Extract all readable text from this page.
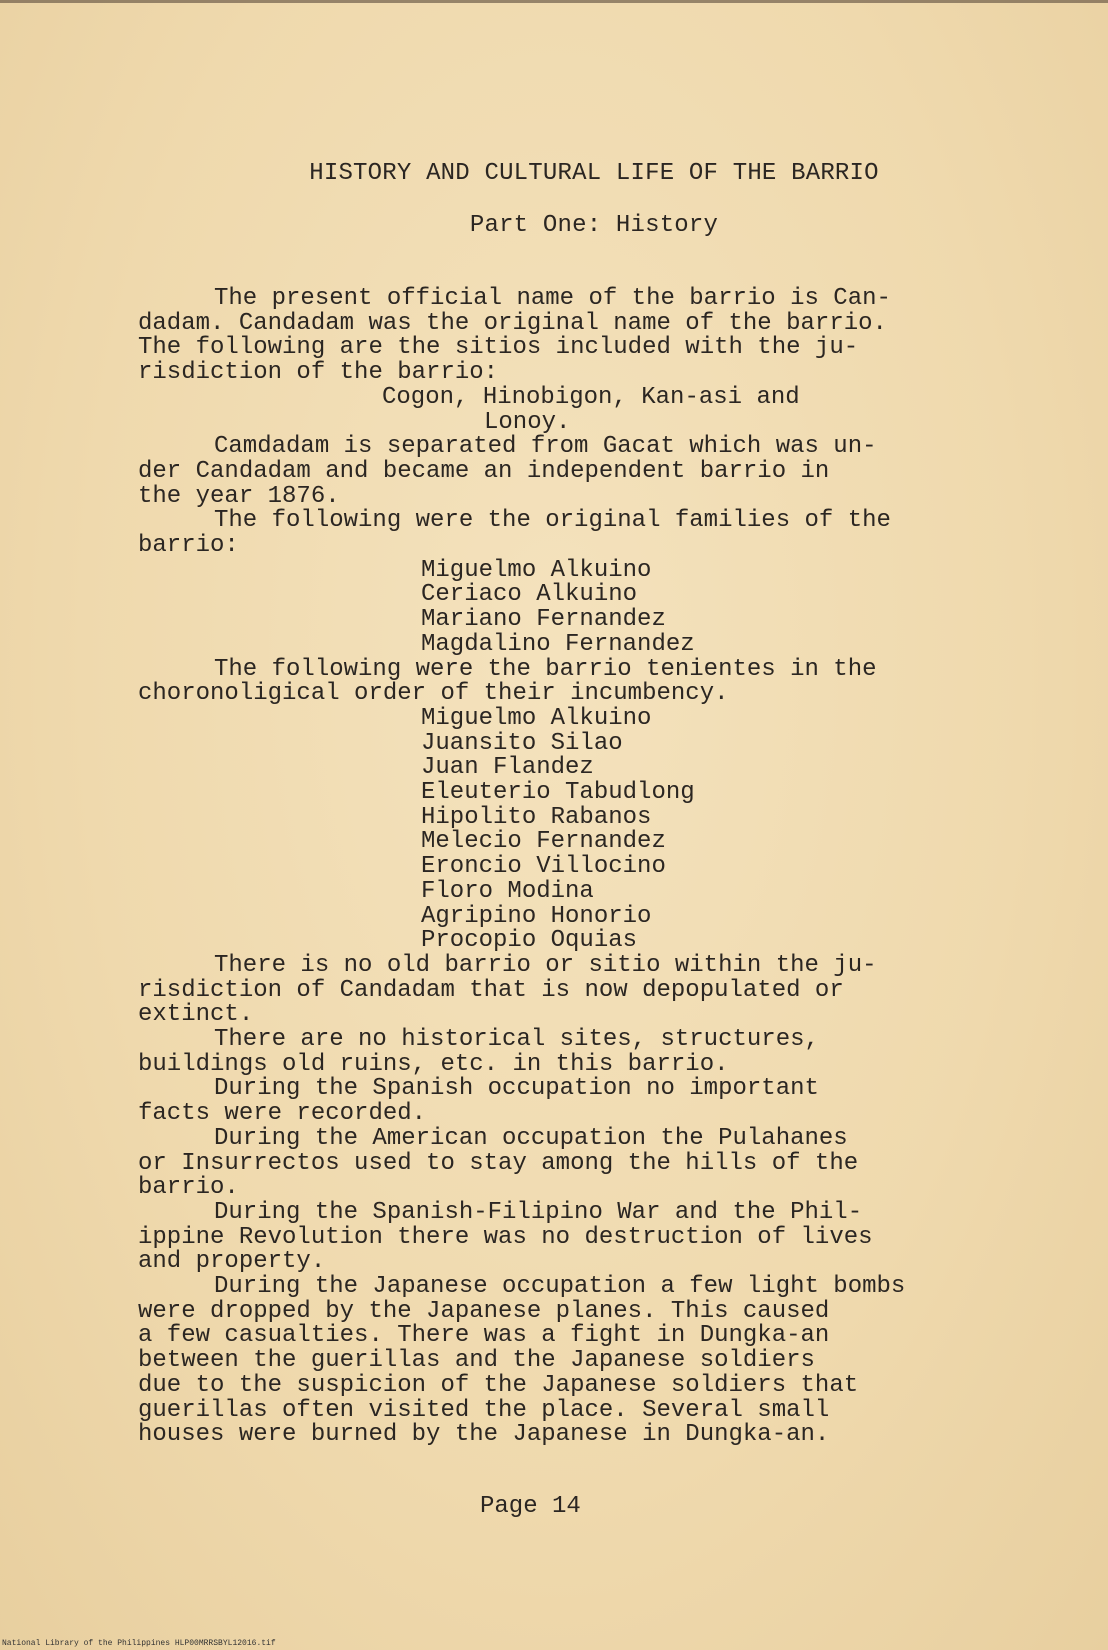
HISTORY AND CULTURAL LIFE OF THE BARRIO
Part One: History
The present official name of the barrio is Can-
dadam. Candadam was the original name of the barrio.
The following are the sitios included with the ju-
risdiction of the barrio:
Cogon, Hinobigon, Kan-asi and
Lonoy.
Camdadam is separated from Gacat which was un-
der Candadam and became an independent barrio in
the year 1876.
The following were the original families of the
barrio:
Miguelmo Alkuino
Ceriaco Alkuino
Mariano Fernandez
Magdalino Fernandez
The following were the barrio tenientes in the
choronoligical order of their incumbency.
Miguelmo Alkuino
Juansito Silao
Juan Flandez
Eleuterio Tabudlong
Hipolito Rabanos
Melecio Fernandez
Eroncio Villocino
Floro Modina
Agripino Honorio
Procopio Oquias
There is no old barrio or sitio within the ju-
risdiction of Candadam that is now depopulated or
extinct.
There are no historical sites, structures,
buildings old ruins, etc. in this barrio.
During the Spanish occupation no important
facts were recorded.
During the American occupation the Pulahanes
or Insurrectos used to stay among the hills of the
barrio.
During the Spanish-Filipino War and the Phil-
ippine Revolution there was no destruction of lives
and property.
During the Japanese occupation a few light bombs
were dropped by the Japanese planes. This caused
a few casualties. There was a fight in Dungka-an
between the guerillas and the Japanese soldiers
due to the suspicion of the Japanese soldiers that
guerillas often visited the place. Several small
houses were burned by the Japanese in Dungka-an.
Page 14
National Library of the Philippines HLP00MRRSBYL12016.tif
